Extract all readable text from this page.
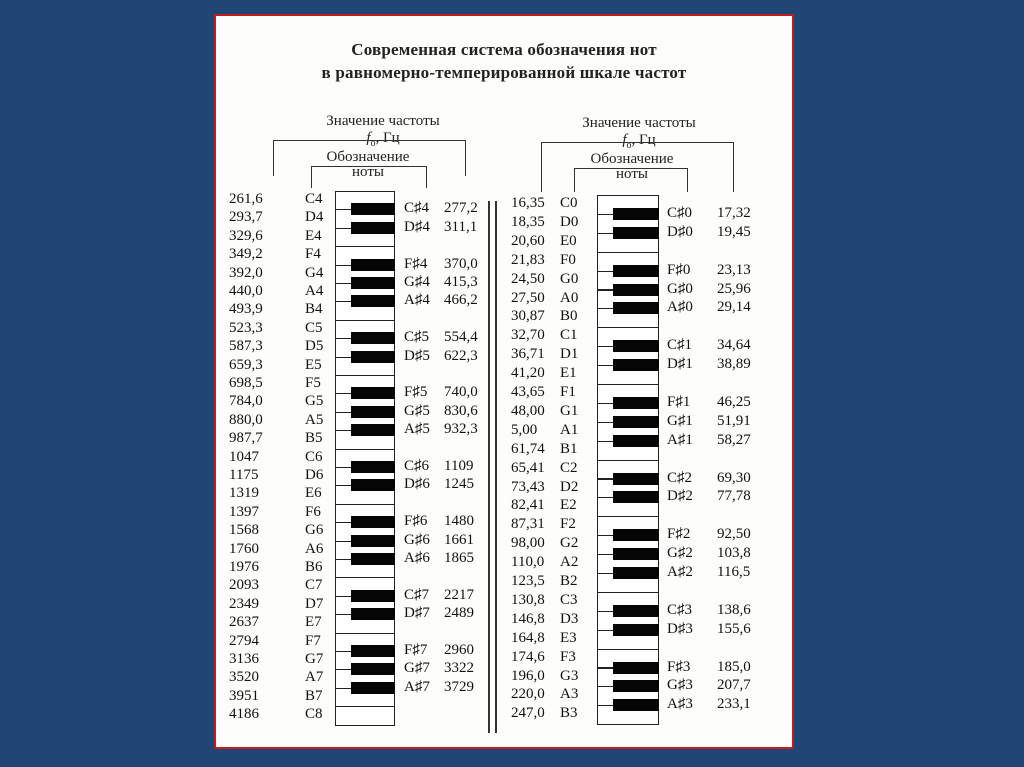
Современная система обозначения нот
в равномерно-темперированной шкале частот
Значение частоты
$f_o$, Гц
Обозначение
ноты
Значение частоты
$f_o$, Гц
Обозначение
ноты
261,6	C4
293,7	D4
329,6	E4
349,2	F4
392,0	G4
440,0	A4
493,9	B4
523,3	C5
587,3	D5
659,3	E5
698,5	F5
784,0	G5
880,0	A5
987,7	B5
1047	C6
1175	D6
1319	E6
1397	F6
1568	G6
1760	A6
1976	B6
2093	C7
2349	D7
2637	E7
2794	F7
3136	G7
3520	A7
3951	B7
4186	C8
C♯4 277,2
D♯4 311,1
F♯4 370,0
G♯4 415,3
A♯4 466,2
C♯5 554,4
D♯5 622,3
F♯5 740,0
G♯5 830,6
A♯5 932,3
C♯6 1109
D♯6 1245
F♯6 1480
G♯6 1661
A♯6 1865
C♯7 2217
D♯7 2489
F♯7 2960
G♯7 3322
A♯7 3729
16,35 C0
18,35 D0
20,60 E0
21,83 F0
24,50 G0
27,50 A0
30,87 B0
32,70 C1
36,71 D1
41,20 E1
43,65 F1
48,00 G1
5,00 A1
61,74 B1
65,41 C2
73,43 D2
82,41 E2
87,31 F2
98,00 G2
110,0 A2
123,5 B2
130,8 C3
146,8 D3
164,8 E3
174,6 F3
196,0 G3
220,0 A3
247,0 B3
C♯0 17,32
D♯0 19,45
F♯0 23,13
G♯0 25,96
A♯0 29,14
C♯1 34,64
D♯1 38,89
F♯1 46,25
G♯1 51,91
A♯1 58,27
C♯2 69,30
D♯2 77,78
F♯2 92,50
G♯2 103,8
A♯2 116,5
C♯3 138,6
D♯3 155,6
F♯3 185,0
G♯3 207,7
A♯3 233,1
